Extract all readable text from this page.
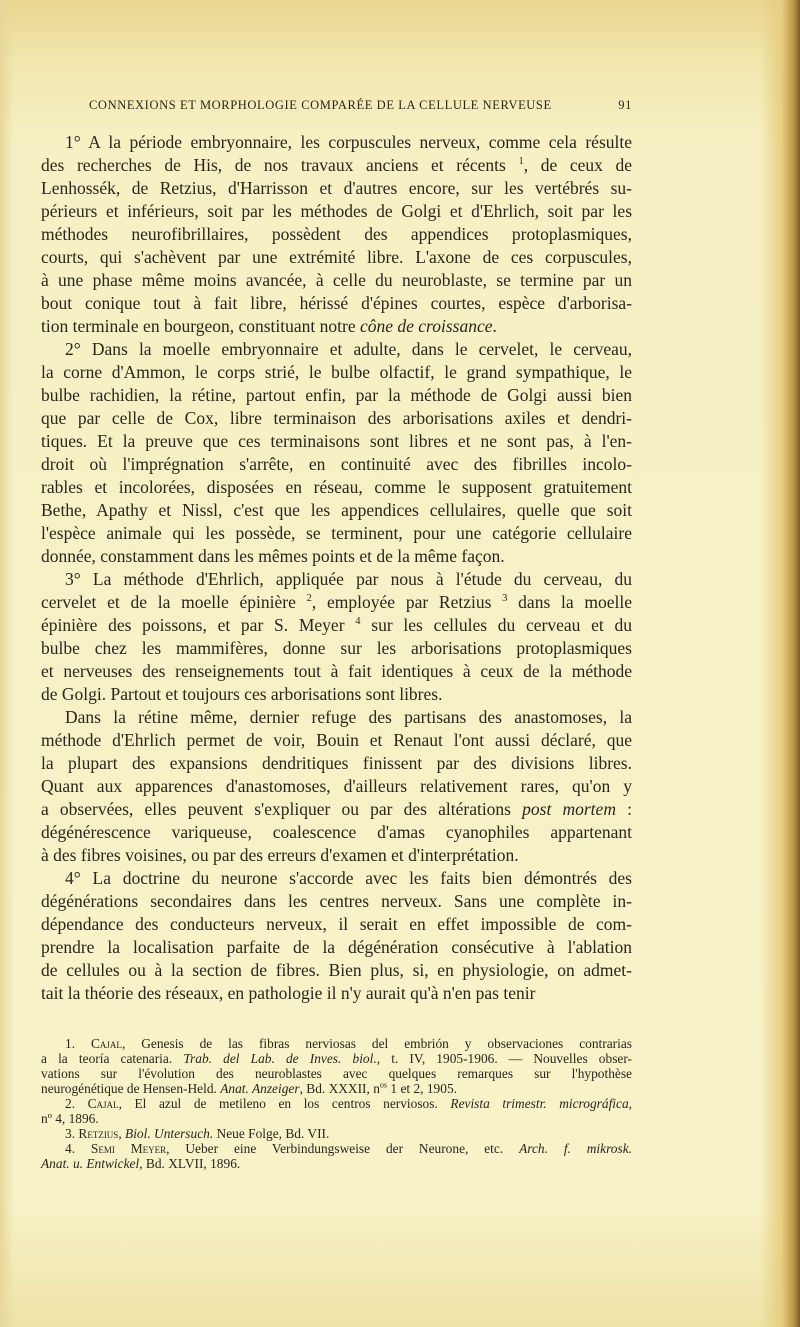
CONNEXIONS ET MORPHOLOGIE COMPARÉE DE LA CELLULE NERVEUSE	91
1° A la période embryonnaire, les corpuscules nerveux, comme cela résulte
des recherches de His, de nos travaux anciens et récents $^1$, de ceux de
Lenhossék, de Retzius, d'Harrisson et d'autres encore, sur les vertébrés su-
périeurs et inférieurs, soit par les méthodes de Golgi et d'Ehrlich, soit par les
méthodes neurofibrillaires, possèdent des appendices protoplasmiques,
courts, qui s'achèvent par une extrémité libre. L'axone de ces corpuscules,
à une phase même moins avancée, à celle du neuroblaste, se termine par un
bout conique tout à fait libre, hérissé d'épines courtes, espèce d'arborisa-
tion terminale en bourgeon, constituant notre cône de croissance.
2° Dans la moelle embryonnaire et adulte, dans le cervelet, le cerveau,
la corne d'Ammon, le corps strié, le bulbe olfactif, le grand sympathique, le
bulbe rachidien, la rétine, partout enfin, par la méthode de Golgi aussi bien
que par celle de Cox, libre terminaison des arborisations axiles et dendri-
tiques. Et la preuve que ces terminaisons sont libres et ne sont pas, à l'en-
droit où l'imprégnation s'arrête, en continuité avec des fibrilles incolo-
rables et incolorées, disposées en réseau, comme le supposent gratuitement
Bethe, Apathy et Nissl, c'est que les appendices cellulaires, quelle que soit
l'espèce animale qui les possède, se terminent, pour une catégorie cellulaire
donnée, constamment dans les mêmes points et de la même façon.
3° La méthode d'Ehrlich, appliquée par nous à l'étude du cerveau, du
cervelet et de la moelle épinière $^2$, employée par Retzius $^3$ dans la moelle
épinière des poissons, et par S. Meyer $^4$ sur les cellules du cerveau et du
bulbe chez les mammifères, donne sur les arborisations protoplasmiques
et nerveuses des renseignements tout à fait identiques à ceux de la méthode
de Golgi. Partout et toujours ces arborisations sont libres.
Dans la rétine même, dernier refuge des partisans des anastomoses, la
méthode d'Ehrlich permet de voir, Bouin et Renaut l'ont aussi déclaré, que
la plupart des expansions dendritiques finissent par des divisions libres.
Quant aux apparences d'anastomoses, d'ailleurs relativement rares, qu'on y
a observées, elles peuvent s'expliquer ou par des altérations post mortem :
dégénérescence variqueuse, coalescence d'amas cyanophiles appartenant
à des fibres voisines, ou par des erreurs d'examen et d'interprétation.
4° La doctrine du neurone s'accorde avec les faits bien démontrés des
dégénérations secondaires dans les centres nerveux. Sans une complète in-
dépendance des conducteurs nerveux, il serait en effet impossible de com-
prendre la localisation parfaite de la dégénération consécutive à l'ablation
de cellules ou à la section de fibres. Bien plus, si, en physiologie, on admet-
tait la théorie des réseaux, en pathologie il n'y aurait qu'à n'en pas tenir
1. Cajal, Genesis de las fibras nerviosas del embrión y observaciones contrarias
a la teoría catenaria. Trab. del Lab. de Inves. biol., t. IV, 1905-1906. — Nouvelles obser-
vations sur l'évolution des neuroblastes avec quelques remarques sur l'hypothèse
neurogénétique de Hensen-Held. Anat. Anzeiger, Bd. XXXII, $n^{os}$ 1 et 2, 1905.
2. Cajal, El azul de metileno en los centros nerviosos. Revista trimestr. micrográfica,
nº 4, 1896.
3. Retzius, Biol. Untersuch. Neue Folge, Bd. VII.
4. Semi Meyer, Ueber eine Verbindungsweise der Neurone, etc. Arch. f. mikrosk.
Anat. u. Entwickel, Bd. XLVII, 1896.
